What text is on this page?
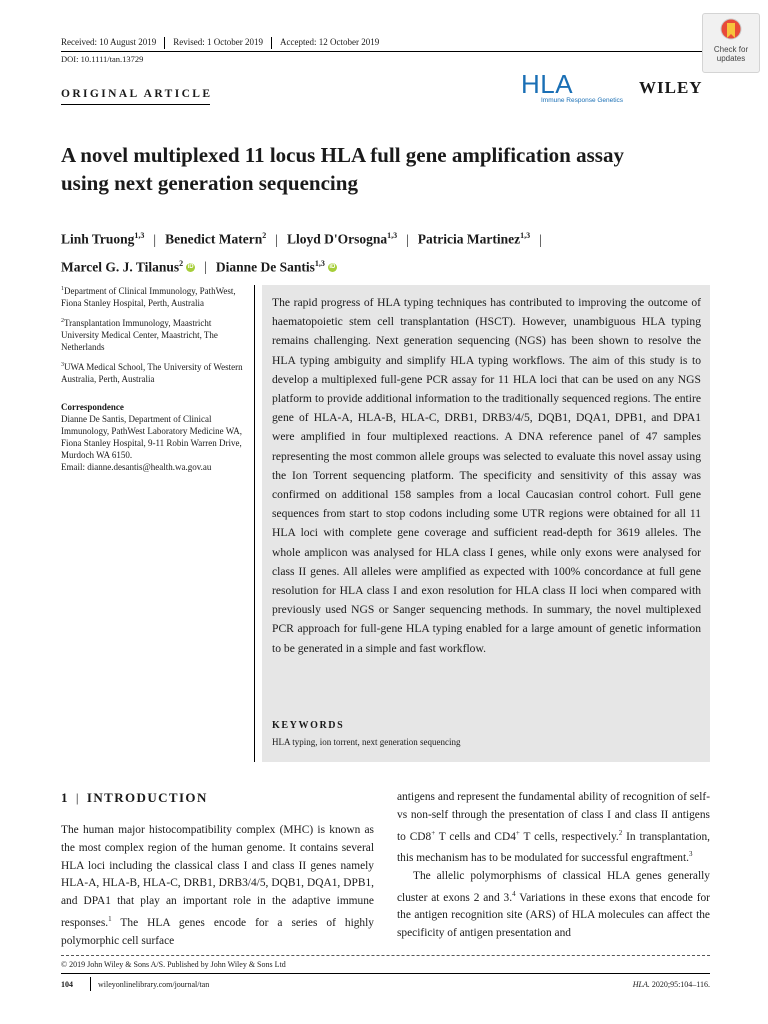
Received: 10 August 2019 Revised: 1 October 2019 Accepted: 12 October 2019
DOI: 10.1111/tan.13729
ORIGINAL ARTICLE
Check for updates
HLA
Immune Response Genetics
WILEY
A novel multiplexed 11 locus HLA full gene amplification assay
using next generation sequencing
Linh Truong$^{1,3}$ | Benedict Matern$^2$ | Lloyd D'Orsogna$^{1,3}$ | Patricia Martinez$^{1,3}$ |
Marcel G. J. Tilanus$^2$ iD | Dianne De Santis$^{1,3}$ iD

$^1$Department of Clinical Immunology, PathWest, Fiona Stanley Hospital, Perth, Australia

$^2$Transplantation Immunology, Maastricht University Medical Center, Maastricht, The Netherlands

$^3$UWA Medical School, The University of Western Australia, Perth, Australia

Correspondence
Dianne De Santis, Department of Clinical Immunology, PathWest Laboratory Medicine WA, Fiona Stanley Hospital, 9-11 Robin Warren Drive, Murdoch WA 6150.
Email: dianne.desantis@health.wa.gov.au
The rapid progress of HLA typing techniques has contributed to improving the outcome of haematopoietic stem cell transplantation (HSCT). However, unambiguous HLA typing remains challenging. Next generation sequencing (NGS) has been shown to resolve the HLA typing ambiguity and simplify HLA typing workflows. The aim of this study is to develop a multiplexed full-gene PCR assay for 11 HLA loci that can be used on any NGS platform to provide additional information to the traditionally sequenced regions. The entire gene of HLA-A, HLA-B, HLA-C, DRB1, DRB3/4/5, DQB1, DQA1, DPB1, and DPA1 were amplified in four multiplexed reactions. A DNA reference panel of 47 samples representing the most common allele groups was selected to evaluate this novel assay using the Ion Torrent sequencing platform. The specificity and sensitivity of this assay was confirmed on additional 158 samples from a local Caucasian control cohort. Full gene sequences from start to stop codons including some UTR regions were obtained for all 11 HLA loci with complete gene coverage and sufficient read-depth for 3619 alleles. The whole amplicon was analysed for HLA class I genes, while only exons were analysed for class II genes. All alleles were amplified as expected with 100% concordance at full gene resolution for HLA class I and exon resolution for HLA class II loci when compared with previously used NGS or Sanger sequencing methods. In summary, the novel multiplexed PCR approach for full-gene HLA typing enabled for a large amount of genetic information to be generated in a simple and fast workflow.
KEYWORDS
HLA typing, ion torrent, next generation sequencing
1 | INTRODUCTION
The human major histocompatibility complex (MHC) is known as the most complex region of the human genome. It contains several HLA loci including the classical class I and class II genes namely HLA-A, HLA-B, HLA-C, DRB1, DRB3/4/5, DQB1, DQA1, DPB1, and DPA1 that play an important role in the adaptive immune responses.$^1$ The HLA genes encode for a series of highly polymorphic cell surface
antigens and represent the fundamental ability of recognition of self-vs non-self through the presentation of class I and class II antigens to CD8+ T cells and CD4+ T cells, respectively.$^2$ In transplantation, this mechanism has to be modulated for successful engraftment.$^3$
The allelic polymorphisms of classical HLA genes generally cluster at exons 2 and 3.$^4$ Variations in these exons that encode for the antigen recognition site (ARS) of HLA molecules can affect the specificity of antigen presentation and
© 2019 John Wiley & Sons A/S. Published by John Wiley & Sons Ltd
104	wileyonlinelibrary.com/journal/tan	HLA. 2020;95:104–116.
